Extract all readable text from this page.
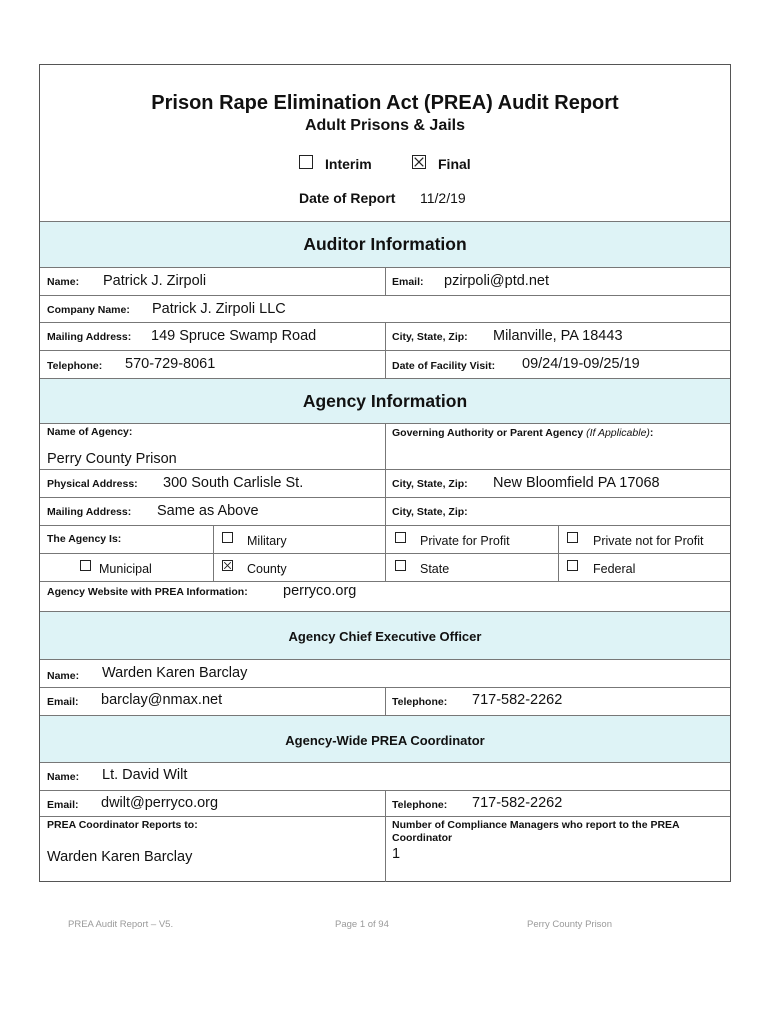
Prison Rape Elimination Act (PREA) Audit Report
Adult Prisons & Jails
Interim	Final
Date of Report 11/2/19
Auditor Information
Name: Patrick J. Zirpoli	Email: pzirpoli@ptd.net
Company Name: Patrick J. Zirpoli LLC
Mailing Address: 149 Spruce Swamp Road	City, State, Zip: Milanville, PA 18443
Telephone: 570-729-8061	Date of Facility Visit: 09/24/19-09/25/19
Agency Information
Name of Agency:
Perry County Prison
Governing Authority or Parent Agency (If Applicable):
Physical Address: 300 South Carlisle St.	City, State, Zip: New Bloomfield PA 17068
Mailing Address: Same as Above	City, State, Zip:
The Agency Is:	Military	Private for Profit	Private not for Profit
Municipal	County	State	Federal
Agency Website with PREA Information: perryco.org
Agency Chief Executive Officer
Name: Warden Karen Barclay
Email: barclay@nmax.net	Telephone: 717-582-2262
Agency-Wide PREA Coordinator
Name: Lt. David Wilt
Email: dwilt@perryco.org	Telephone: 717-582-2262
PREA Coordinator Reports to:
Warden Karen Barclay
Number of Compliance Managers who report to the PREA
Coordinator
1
PREA Audit Report – V5.	Page 1 of 94	Perry County Prison
